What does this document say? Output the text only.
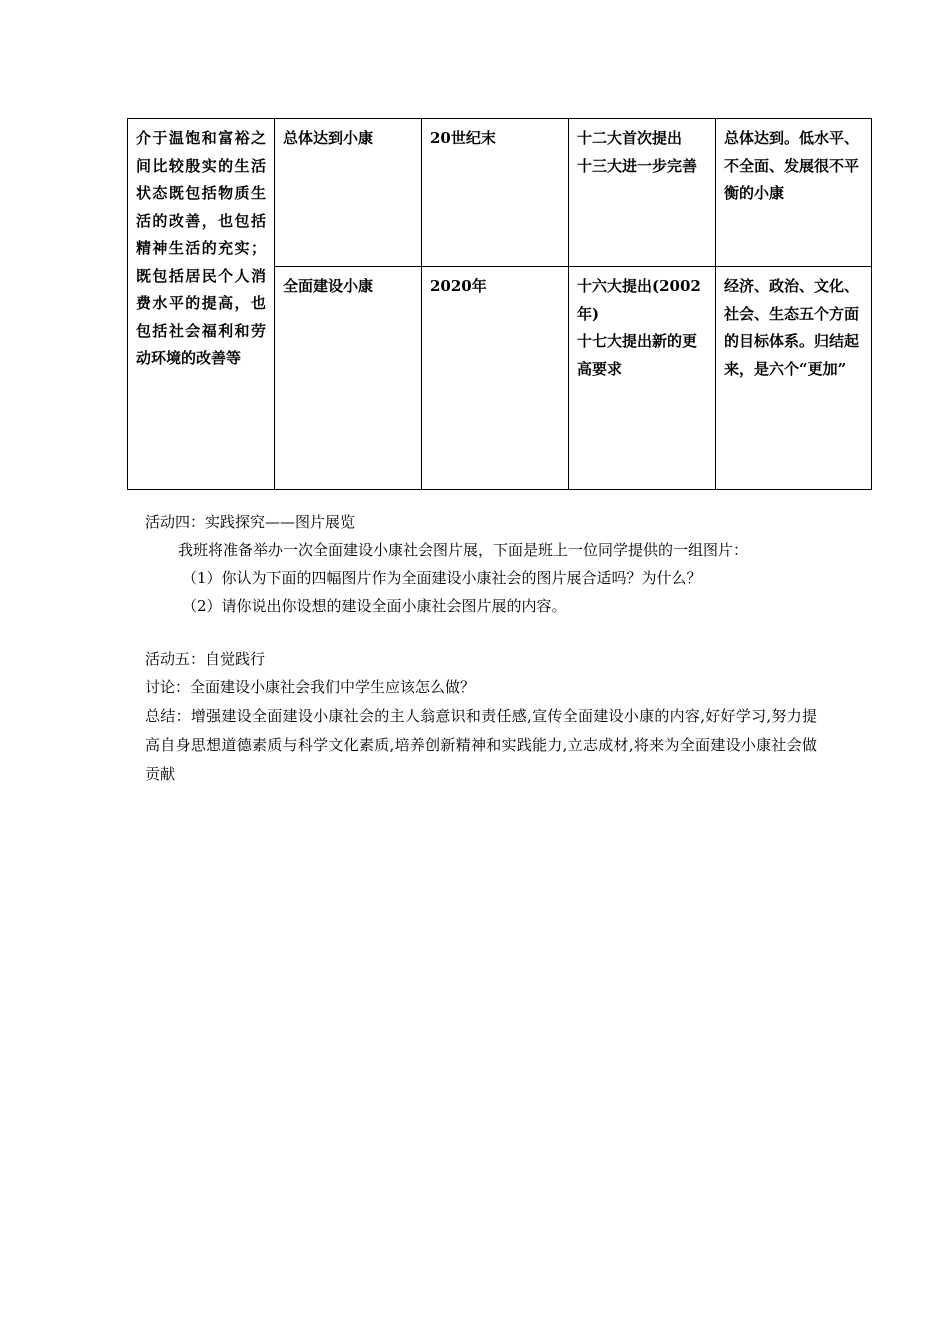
介于温饱和富裕之间比较殷实的生活状态既包括物质生活的改善，也包括精神生活的充实；既包括居民个人消费水平的提高，也包括社会福利和劳动环境的改善等	总体达到小康	20世纪末	十二大首次提出
十三大进一步完善	总体达到。低水平、不全面、发展很不平衡的小康
	全面建设小康	2020年	十六大提出(2002年)
十七大提出新的更高要求	经济、政治、文化、社会、生态五个方面的目标体系。归结起来，是六个“更加”
活动四：实践探究——图片展览
我班将准备举办一次全面建设小康社会图片展，下面是班上一位同学提供的一组图片：
（1）你认为下面的四幅图片作为全面建设小康社会的图片展合适吗？为什么？
（2）请你说出你设想的建设全面小康社会图片展的内容。
活动五：自觉践行
讨论：全面建设小康社会我们中学生应该怎么做？
总结：增强建设全面建设小康社会的主人翁意识和责任感,宣传全面建设小康的内容,好好学习,努力提高自身思想道德素质与科学文化素质,培养创新精神和实践能力,立志成材,将来为全面建设小康社会做贡献
